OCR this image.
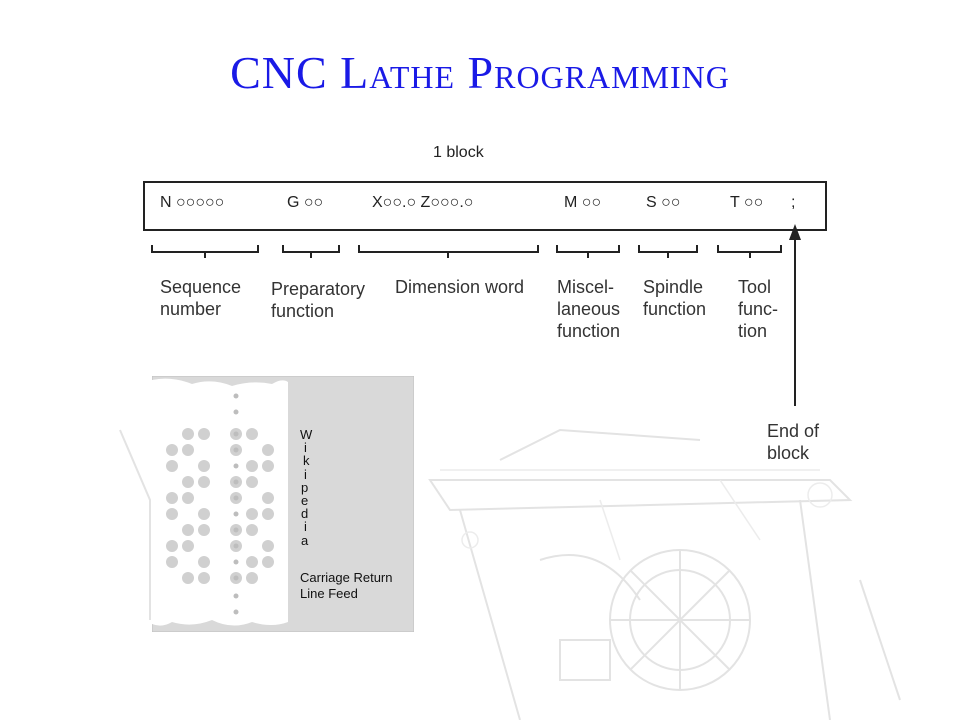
CNC Lathe Programming
1 block
N ○○○○○	G ○○	X○○.○ Z○○○.○	M ○○	S ○○	T ○○ ;
Sequence
number
Preparatory
function
Dimension word Miscel-
laneous
function
Spindle
function
Tool
func-
tion
End of
block
W
i
k
i
p
e
d
i
a
Carriage Return
Line Feed
